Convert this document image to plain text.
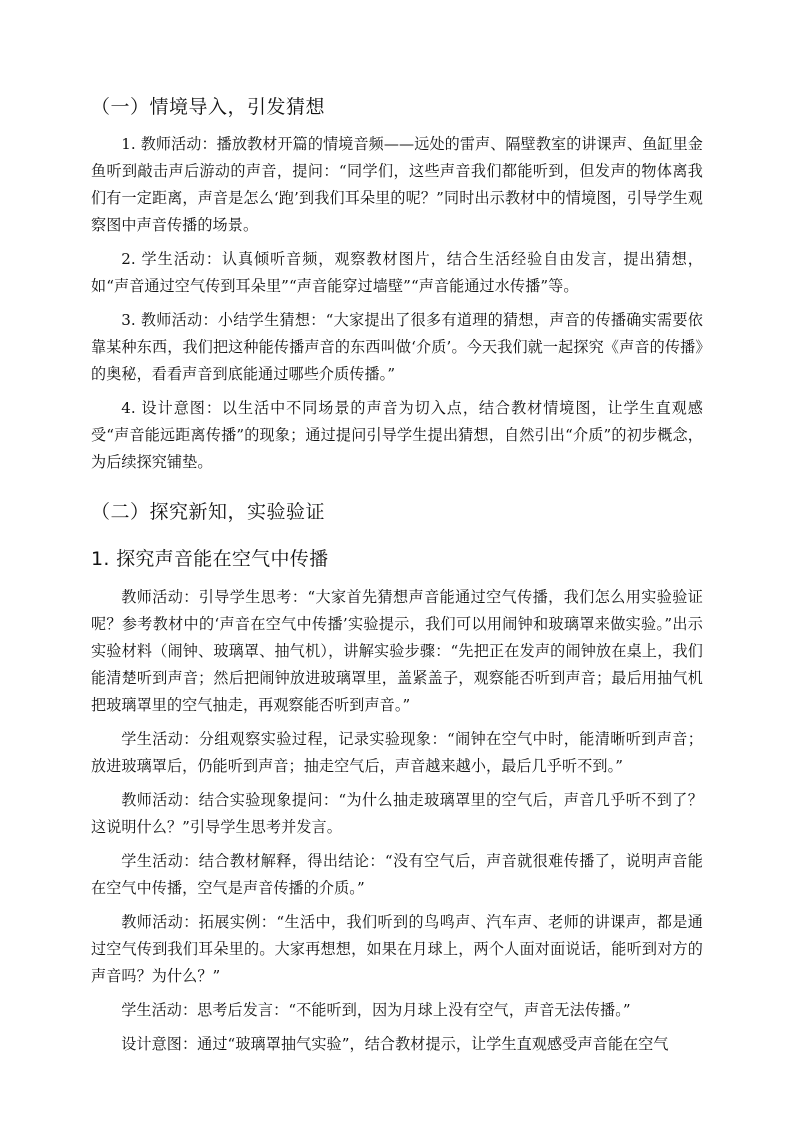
（一）情境导入，引发猜想

1. 教师活动：播放教材开篇的情境音频——远处的雷声、隔壁教室的讲课声、鱼缸里金鱼听到敲击声后游动的声音，提问：“同学们，这些声音我们都能听到，但发声的物体离我们有一定距离，声音是怎么‘跑’到我们耳朵里的呢？”同时出示教材中的情境图，引导学生观察图中声音传播的场景。

2. 学生活动：认真倾听音频，观察教材图片，结合生活经验自由发言，提出猜想，如“声音通过空气传到耳朵里”“声音能穿过墙壁”“声音能通过水传播”等。

3. 教师活动：小结学生猜想：“大家提出了很多有道理的猜想，声音的传播确实需要依靠某种东西，我们把这种能传播声音的东西叫做‘介质’。今天我们就一起探究《声音的传播》的奥秘，看看声音到底能通过哪些介质传播。”

4. 设计意图：以生活中不同场景的声音为切入点，结合教材情境图，让学生直观感受“声音能远距离传播”的现象；通过提问引导学生提出猜想，自然引出“介质”的初步概念，为后续探究铺垫。

（二）探究新知，实验验证
1. 探究声音能在空气中传播

教师活动：引导学生思考：“大家首先猜想声音能通过空气传播，我们怎么用实验验证呢？参考教材中的‘声音在空气中传播’实验提示，我们可以用闹钟和玻璃罩来做实验。”出示实验材料（闹钟、玻璃罩、抽气机），讲解实验步骤：“先把正在发声的闹钟放在桌上，我们能清楚听到声音；然后把闹钟放进玻璃罩里，盖紧盖子，观察能否听到声音；最后用抽气机把玻璃罩里的空气抽走，再观察能否听到声音。”

学生活动：分组观察实验过程，记录实验现象：“闹钟在空气中时，能清晰听到声音；放进玻璃罩后，仍能听到声音；抽走空气后，声音越来越小，最后几乎听不到。”

教师活动：结合实验现象提问：“为什么抽走玻璃罩里的空气后，声音几乎听不到了？这说明什么？”引导学生思考并发言。

学生活动：结合教材解释，得出结论：“没有空气后，声音就很难传播了，说明声音能在空气中传播，空气是声音传播的介质。”

教师活动：拓展实例：“生活中，我们听到的鸟鸣声、汽车声、老师的讲课声，都是通过空气传到我们耳朵里的。大家再想想，如果在月球上，两个人面对面说话，能听到对方的声音吗？为什么？”

学生活动：思考后发言：“不能听到，因为月球上没有空气，声音无法传播。”

设计意图：通过“玻璃罩抽气实验”，结合教材提示，让学生直观感受声音能在空气
